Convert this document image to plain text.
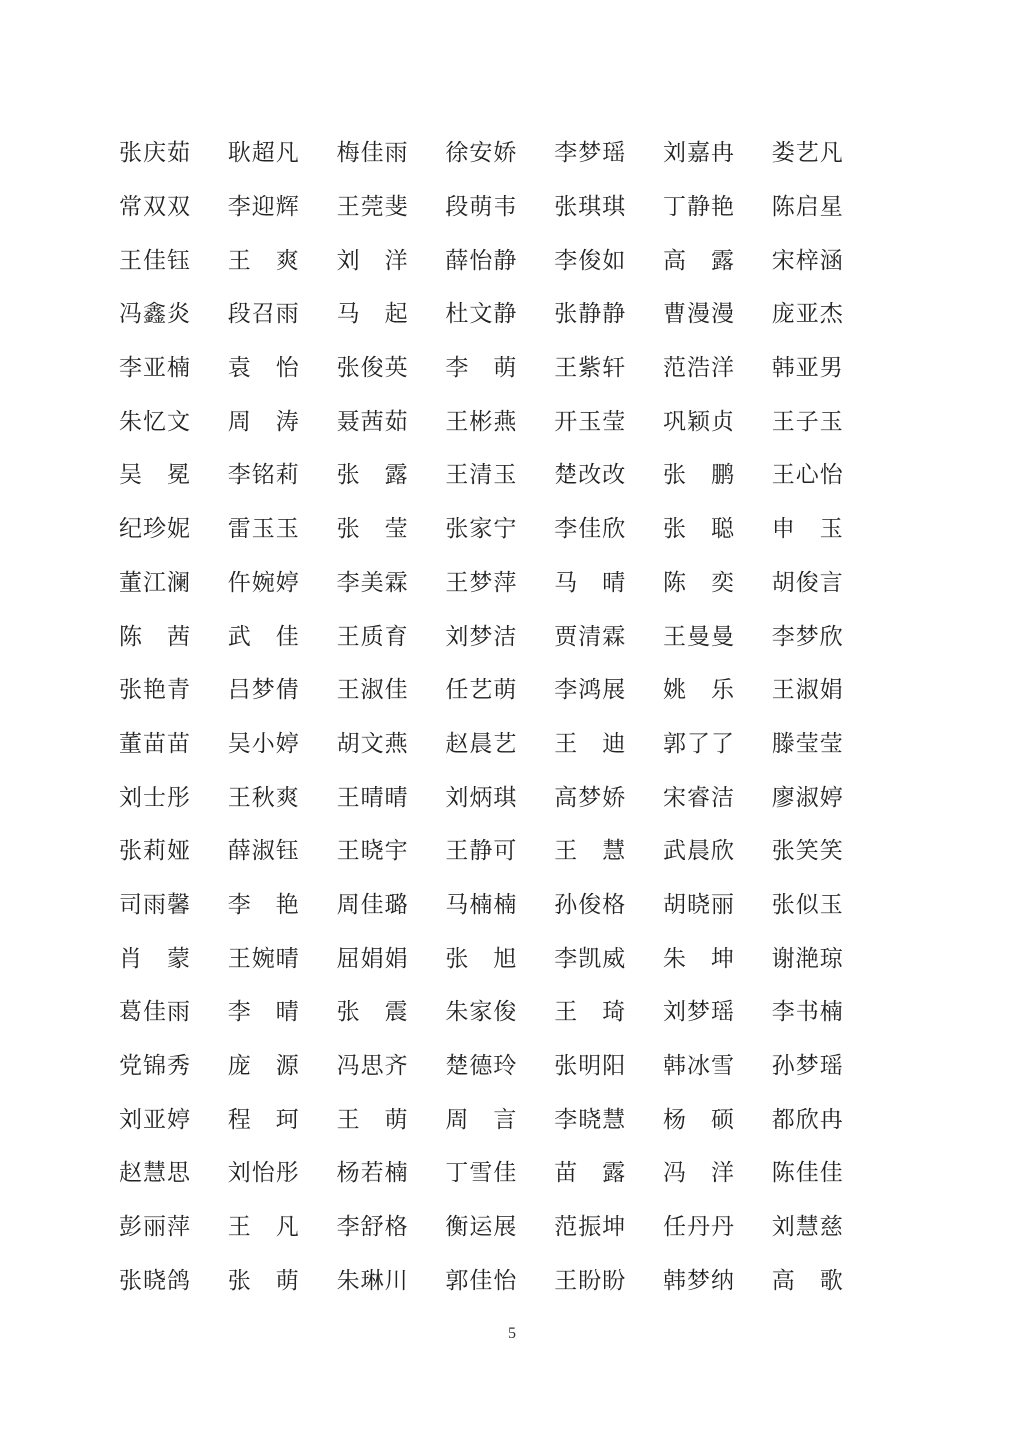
张 庆 茹 耿 超 凡 梅 佳 雨 徐 安 娇 李 梦 瑶 刘 嘉 冉 娄 艺 凡
常 双 双 李 迎 辉 王 莞 斐 段 萌 韦 张 琪 琪 丁 静 艳 陈 启 星
王 佳 钰 王 爽 刘 洋 薛 怡 静 李 俊 如 高 露 宋 梓 涵
冯 鑫 炎 段 召 雨 马 起 杜 文 静 张 静 静 曹 漫 漫 庞 亚 杰
李 亚 楠 袁 怡 张 俊 英 李 萌 王 紫 轩 范 浩 洋 韩 亚 男
朱 忆 文 周 涛 聂 茜 茹 王 彬 燕 开 玉 莹 巩 颖 贞 王 子 玉
吴 冕 李 铭 莉 张 露 王 清 玉 楚 改 改 张 鹏 王 心 怡
纪 珍 妮 雷 玉 玉 张 莹 张 家 宁 李 佳 欣 张 聪 申 玉
董 江 澜 仵 婉 婷 李 美 霖 王 梦 萍 马 晴 陈 奕 胡 俊 言
陈 茜 武 佳 王 质 育 刘 梦 洁 贾 清 霖 王 曼 曼 李 梦 欣
张 艳 青 吕 梦 倩 王 淑 佳 任 艺 萌 李 鸿 展 姚 乐 王 淑 娟
董 苗 苗 吴 小 婷 胡 文 燕 赵 晨 艺 王 迪 郭 了 了 滕 莹 莹
刘 士 彤 王 秋 爽 王 晴 晴 刘 炳 琪 高 梦 娇 宋 睿 洁 廖 淑 婷
张 莉 娅 薛 淑 钰 王 晓 宇 王 静 可 王 慧 武 晨 欣 张 笑 笑
司 雨 馨 李 艳 周 佳 璐 马 楠 楠 孙 俊 格 胡 晓 丽 张 似 玉
肖 蒙 王 婉 晴 屈 娟 娟 张 旭 李 凯 威 朱 坤 谢 滟 琼
葛 佳 雨 李 晴 张 震 朱 家 俊 王 琦 刘 梦 瑶 李 书 楠
党 锦 秀 庞 源 冯 思 齐 楚 德 玲 张 明 阳 韩 冰 雪 孙 梦 瑶
刘 亚 婷 程 珂 王 萌 周 言 李 晓 慧 杨 硕 都 欣 冉
赵 慧 思 刘 怡 彤 杨 若 楠 丁 雪 佳 苗 露 冯 洋 陈 佳 佳
彭 丽 萍 王 凡 李 舒 格 衡 运 展 范 振 坤 任 丹 丹 刘 慧 慈
张 晓 鸽 张 萌 朱 琳 川 郭 佳 怡 王 盼 盼 韩 梦 纳 高 歌
5
